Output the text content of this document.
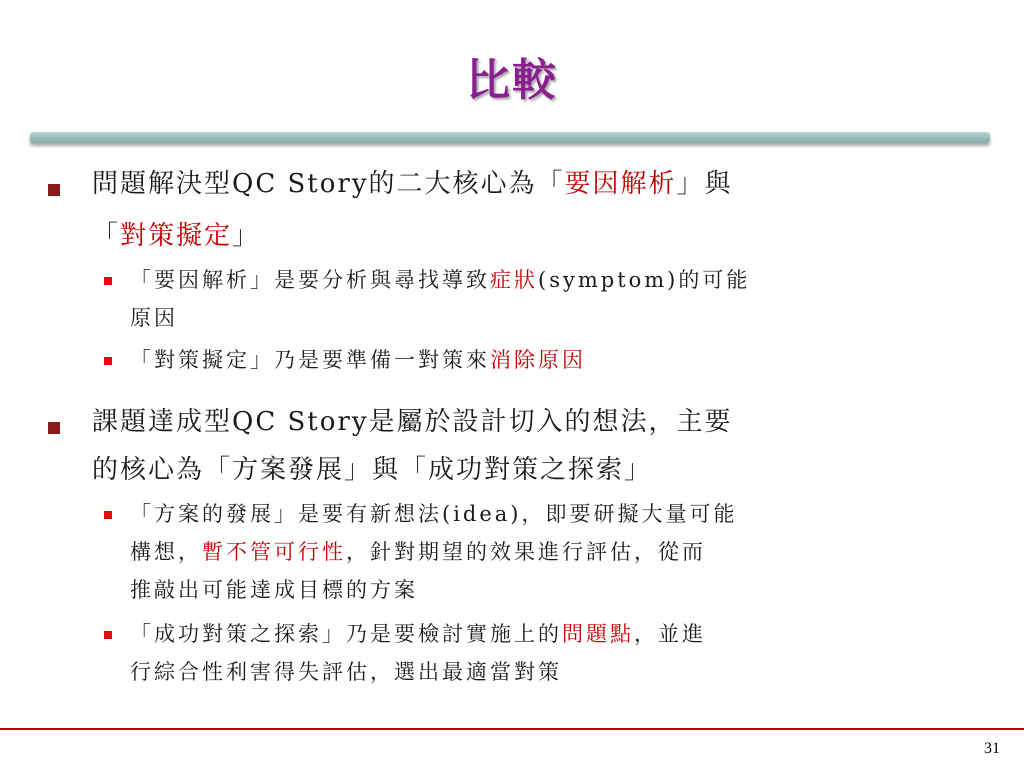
比較
問題解決型QC Story的二大核心為「要因解析」與
「對策擬定」
「要因解析」是要分析與尋找導致症狀(symptom)的可能
原因
「對策擬定」乃是要準備一對策來消除原因
課題達成型QC Story是屬於設計切入的想法，主要
的核心為「方案發展」與「成功對策之探索」
「方案的發展」是要有新想法(idea)，即要研擬大量可能
構想，暫不管可行性，針對期望的效果進行評估，從而
推敲出可能達成目標的方案
「成功對策之探索」乃是要檢討實施上的問題點，並進
行綜合性利害得失評估，選出最適當對策
31
